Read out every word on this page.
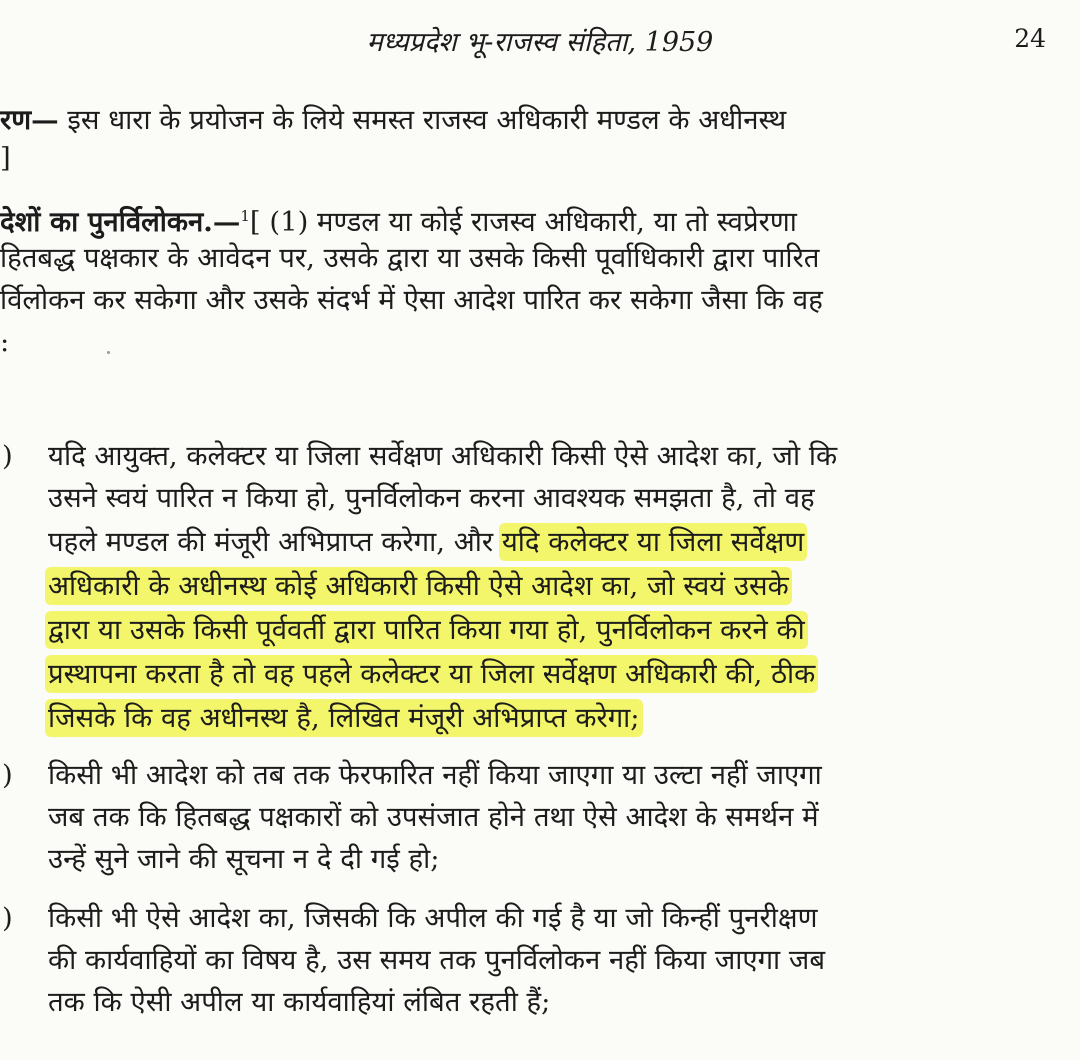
मध्यप्रदेश भू-राजस्व संहिता, 1959	24
रण— इस धारा के प्रयोजन के लिये समस्त राजस्व अधिकारी मण्डल के अधीनस्थ
]
देशों का पुनर्विलोकन.—$^1$[ (1) मण्डल या कोई राजस्व अधिकारी, या तो स्वप्रेरणा
हितबद्ध पक्षकार के आवेदन पर, उसके द्वारा या उसके किसी पूर्वाधिकारी द्वारा पारित
र्विलोकन कर सकेगा और उसके संदर्भ में ऐसा आदेश पारित कर सकेगा जैसा कि वह
:
) यदि आयुक्त, कलेक्टर या जिला सर्वेक्षण अधिकारी किसी ऐसे आदेश का, जो कि
उसने स्वयं पारित न किया हो, पुनर्विलोकन करना आवश्यक समझता है, तो वह
पहले मण्डल की मंजूरी अभिप्राप्त करेगा, और यदि कलेक्टर या जिला सर्वेक्षण
अधिकारी के अधीनस्थ कोई अधिकारी किसी ऐसे आदेश का, जो स्वयं उसके
द्वारा या उसके किसी पूर्ववर्ती द्वारा पारित किया गया हो, पुनर्विलोकन करने की
प्रस्थापना करता है तो वह पहले कलेक्टर या जिला सर्वेक्षण अधिकारी की, ठीक
जिसके कि वह अधीनस्थ है, लिखित मंजूरी अभिप्राप्त करेगा;
) किसी भी आदेश को तब तक फेरफारित नहीं किया जाएगा या उल्टा नहीं जाएगा
जब तक कि हितबद्ध पक्षकारों को उपसंजात होने तथा ऐसे आदेश के समर्थन में
उन्हें सुने जाने की सूचना न दे दी गई हो;
) किसी भी ऐसे आदेश का, जिसकी कि अपील की गई है या जो किन्हीं पुनरीक्षण
की कार्यवाहियों का विषय है, उस समय तक पुनर्विलोकन नहीं किया जाएगा जब
तक कि ऐसी अपील या कार्यवाहियां लंबित रहती हैं;
